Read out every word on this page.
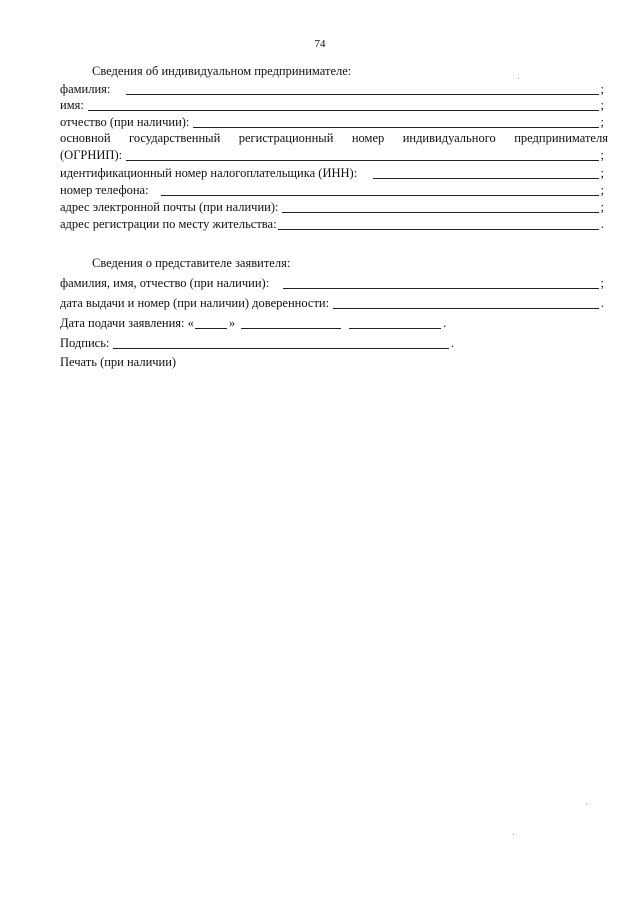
74
Сведения об индивидуальном предпринимателе:
фамилия:	;
имя:	;
отчество (при наличии):	;
основной государственный регистрационный номер индивидуального предпринимателя
(ОГРНИП):	;
идентификационный номер налогоплательщика (ИНН):	;
номер телефона:	;
адрес электронной почты (при наличии):	;
адрес регистрации по месту жительства:	.
Сведения о представителе заявителя:
фамилия, имя, отчество (при наличии):	;
дата выдачи и номер (при наличии) доверенности:	.
Дата подачи заявления: «	»	.
Подпись:	.
Печать (при наличии)
